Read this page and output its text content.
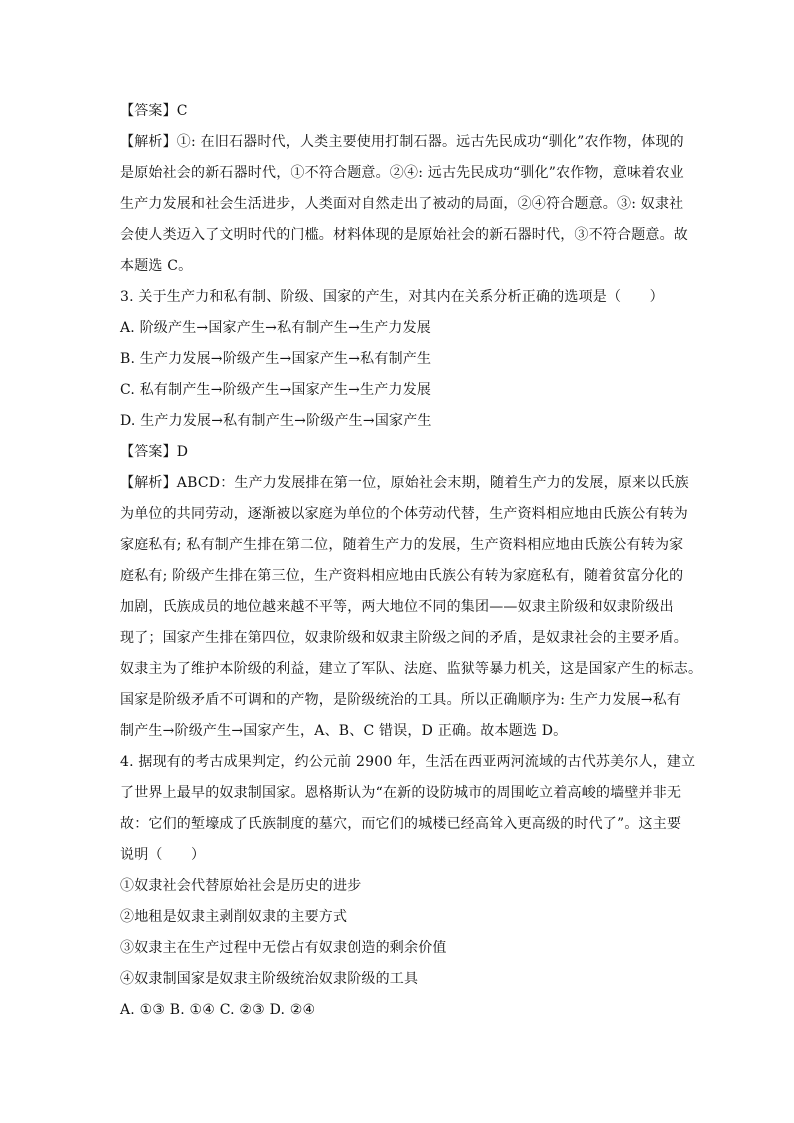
【答案】C

【解析】①: 在旧石器时代，人类主要使用打制石器。远古先民成功“驯化”农作物，体现的

是原始社会的新石器时代，①不符合题意。②④: 远古先民成功“驯化”农作物，意味着农业

生产力发展和社会生活进步，人类面对自然走出了被动的局面，②④符合题意。③: 奴隶社

会使人类迈入了文明时代的门槛。材料体现的是原始社会的新石器时代，③不符合题意。故

本题选 C。

3. 关于生产力和私有制、阶级、国家的产生，对其内在关系分析正确的选项是（　　）

A. 阶级产生→国家产生→私有制产生→生产力发展

B. 生产力发展→阶级产生→国家产生→私有制产生

C. 私有制产生→阶级产生→国家产生→生产力发展

D. 生产力发展→私有制产生→阶级产生→国家产生

【答案】D

【解析】ABCD：生产力发展排在第一位，原始社会末期，随着生产力的发展，原来以氏族

为单位的共同劳动，逐渐被以家庭为单位的个体劳动代替，生产资料相应地由氏族公有转为

家庭私有; 私有制产生排在第二位，随着生产力的发展，生产资料相应地由氏族公有转为家

庭私有; 阶级产生排在第三位，生产资料相应地由氏族公有转为家庭私有，随着贫富分化的

加剧，氏族成员的地位越来越不平等，两大地位不同的集团——奴隶主阶级和奴隶阶级出

现了；国家产生排在第四位，奴隶阶级和奴隶主阶级之间的矛盾，是奴隶社会的主要矛盾。

奴隶主为了维护本阶级的利益，建立了军队、法庭、监狱等暴力机关，这是国家产生的标志。

国家是阶级矛盾不可调和的产物，是阶级统治的工具。所以正确顺序为: 生产力发展→私有

制产生→阶级产生→国家产生，A、B、C 错误，D 正确。故本题选 D。

4. 据现有的考古成果判定，约公元前 2900 年，生活在西亚两河流域的古代苏美尔人，建立

了世界上最早的奴隶制国家。恩格斯认为“在新的设防城市的周围屹立着高峻的墙壁并非无

故：它们的堑壕成了氏族制度的墓穴，而它们的城楼已经高耸入更高级的时代了”。这主要

说明（　　）

①奴隶社会代替原始社会是历史的进步

②地租是奴隶主剥削奴隶的主要方式

③奴隶主在生产过程中无偿占有奴隶创造的剩余价值

④奴隶制国家是奴隶主阶级统治奴隶阶级的工具

A. ①③ B. ①④ C. ②③ D. ②④
